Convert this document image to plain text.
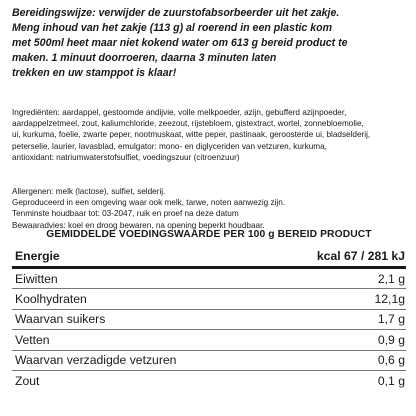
Bereidingswijze: verwijder de zuurstofabsorbeerder uit het zakje.
Meng inhoud van het zakje (113 g) al roerend in een plastic kom
met 500ml heet maar niet kokend water om 613 g bereid product te
maken. 1 minuut doorroeren, daarna 3 minuten laten
trekken en uw stamppot is klaar!
Ingrediënten: aardappel, gestoomde andijvie, volle melkpoeder, azijn, gebufferd azijnpoeder,
aardappelzetmeel, zout, kaliumchloride, zeezout, rijstebloem, gistextract, wortel, zonnebloemolie,
ui, kurkuma, foelie, zwarte peper, nootmuskaat, witte peper, pastinaak, geroosterde ui, bladselderij,
peterselie, laurier, lavasblad, emulgator: mono- en diglyceriden van vetzuren, kurkuma,
antioxidant: natriumwaterstofsulfiet, voedingszuur (citroenzuur)
Allergenen: melk (lactose), sulfiet, selderij.
Geproduceerd in een omgeving waar ook melk, tarwe, noten aanwezig zijn.
Tenminste houdbaar tot: 03-2047, ruik en proef na deze datum
Bewaaradvies: koel en droog bewaren, na opening beperkt houdbaar.
GEMIDDELDE VOEDINGSWAARDE PER 100 g BEREID PRODUCT
Energie	kcal 67 / 281 kJ
Eiwitten	2,1 g
Koolhydraten	12,1g
Waarvan suikers	1,7 g
Vetten	0,9 g
Waarvan verzadigde vetzuren	0,6 g
Zout	0,1 g
